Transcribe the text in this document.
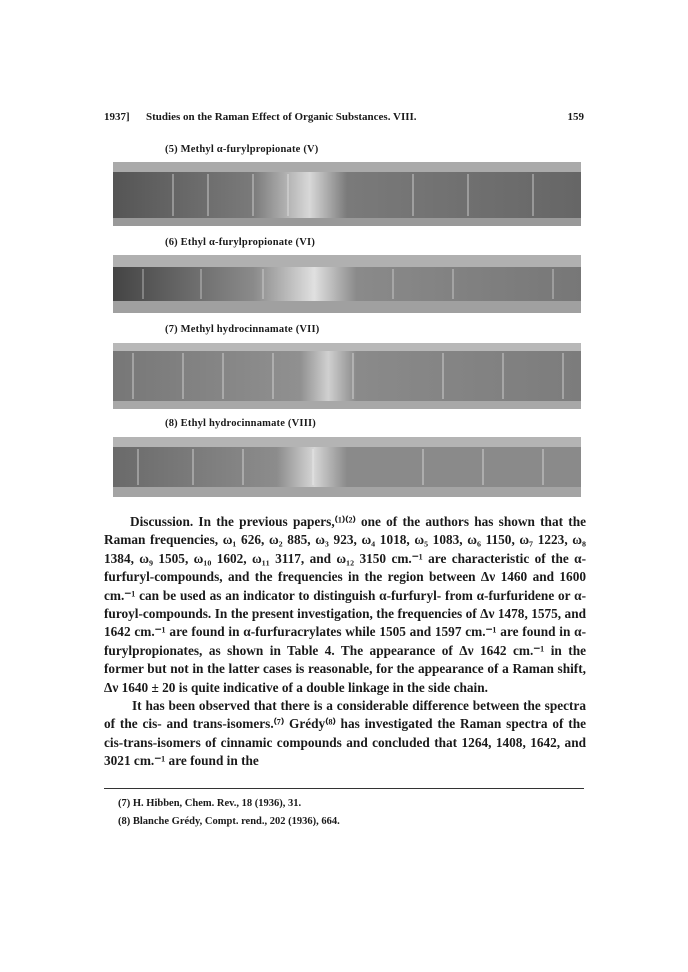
1937] Studies on the Raman Effect of Organic Substances. VIII.	159
(5) Methyl α-furylpropionate (V)
(6) Ethyl α-furylpropionate (VI)
(7) Methyl hydrocinnamate (VII)
(8) Ethyl hydrocinnamate (VIII)

Discussion. In the previous papers,⁽¹⁾⁽²⁾ one of the authors has shown that the Raman frequencies, ω₁ 626, ω₂ 885, ω₃ 923, ω₄ 1018, ω₅ 1083, ω₆ 1150, ω₇ 1223, ω₈ 1384, ω₉ 1505, ω₁₀ 1602, ω₁₁ 3117, and ω₁₂ 3150 cm.⁻¹ are characteristic of the α-furfuryl-compounds, and the frequencies in the region between Δν 1460 and 1600 cm.⁻¹ can be used as an indicator to distinguish α-furfuryl- from α-furfuridene or α-furoyl-compounds. In the present investigation, the frequencies of Δν 1478, 1575, and 1642 cm.⁻¹ are found in α-furfuracrylates while 1505 and 1597 cm.⁻¹ are found in α-furylpropionates, as shown in Table 4. The appearance of Δν 1642 cm.⁻¹ in the former but not in the latter cases is reasonable, for the appearance of a Raman shift, Δν 1640 ± 20 is quite indicative of a double linkage in the side chain.

It has been observed that there is a considerable difference between the spectra of the cis- and trans-isomers.⁽⁷⁾ Grédy⁽⁸⁾ has investigated the Raman spectra of the cis-trans-isomers of cinnamic compounds and concluded that 1264, 1408, 1642, and 3021 cm.⁻¹ are found in the

(7) H. Hibben, Chem. Rev., 18 (1936), 31.
(8) Blanche Grédy, Compt. rend., 202 (1936), 664.
